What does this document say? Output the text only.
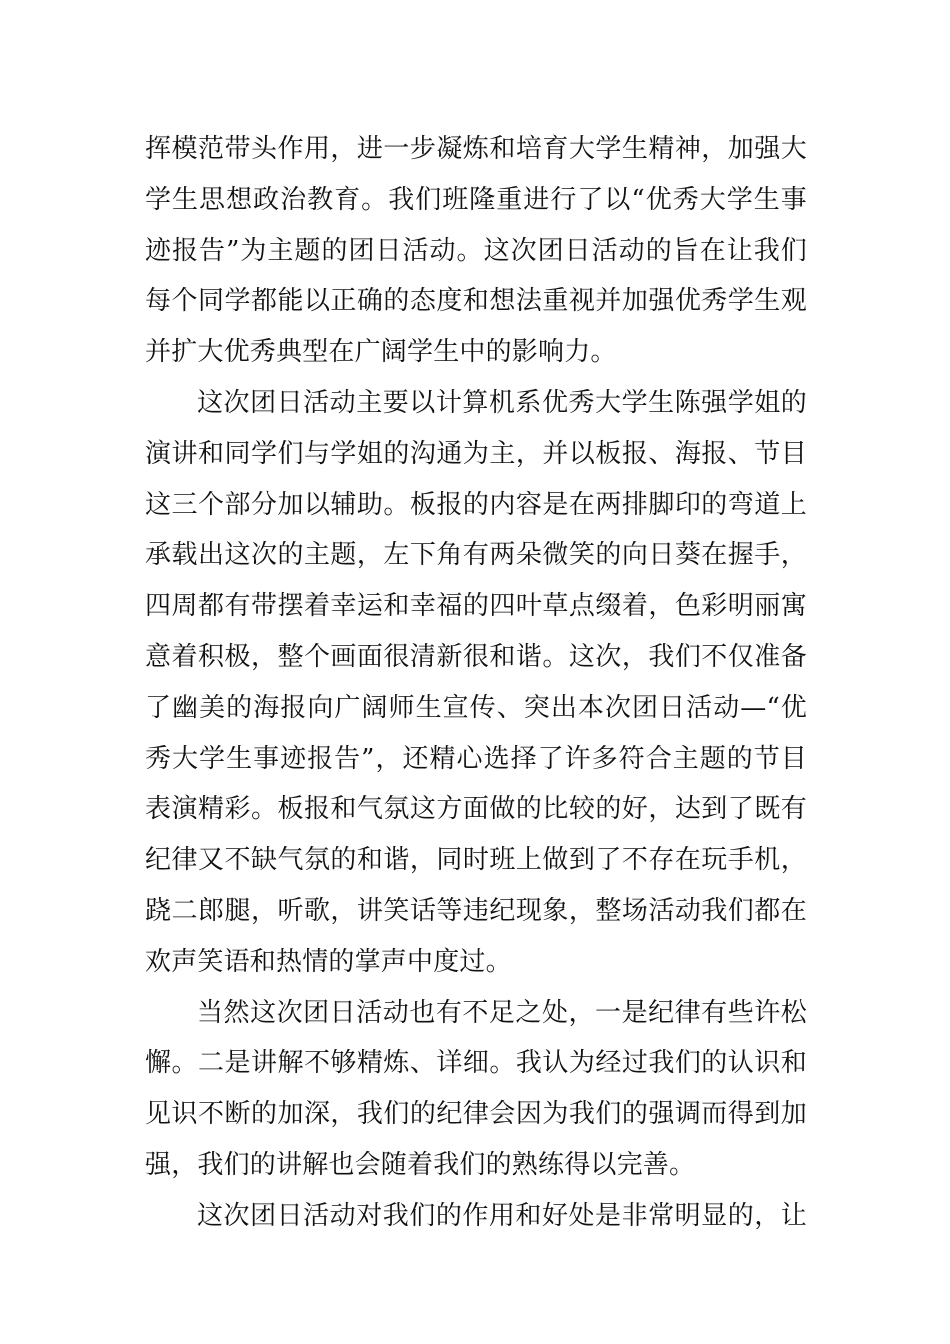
挥模范带头作用，进一步凝炼和培育大学生精神，加强大
学生思想政治教育。我们班隆重进行了以“优秀大学生事
迹报告”为主题的团日活动。这次团日活动的旨在让我们
每个同学都能以正确的态度和想法重视并加强优秀学生观
并扩大优秀典型在广阔学生中的影响力。
这次团日活动主要以计算机系优秀大学生陈强学姐的
演讲和同学们与学姐的沟通为主，并以板报、海报、节目
这三个部分加以辅助。板报的内容是在两排脚印的弯道上
承载出这次的主题，左下角有两朵微笑的向日葵在握手，
四周都有带摆着幸运和幸福的四叶草点缀着，色彩明丽寓
意着积极，整个画面很清新很和谐。这次，我们不仅准备
了幽美的海报向广阔师生宣传、突出本次团日活动—“优
秀大学生事迹报告”，还精心选择了许多符合主题的节目
表演精彩。板报和气氛这方面做的比较的好，达到了既有
纪律又不缺气氛的和谐，同时班上做到了不存在玩手机，
跷二郎腿，听歌，讲笑话等违纪现象，整场活动我们都在
欢声笑语和热情的掌声中度过。
当然这次团日活动也有不足之处，一是纪律有些许松
懈。二是讲解不够精炼、详细。我认为经过我们的认识和
见识不断的加深，我们的纪律会因为我们的强调而得到加
强，我们的讲解也会随着我们的熟练得以完善。
这次团日活动对我们的作用和好处是非常明显的，让
